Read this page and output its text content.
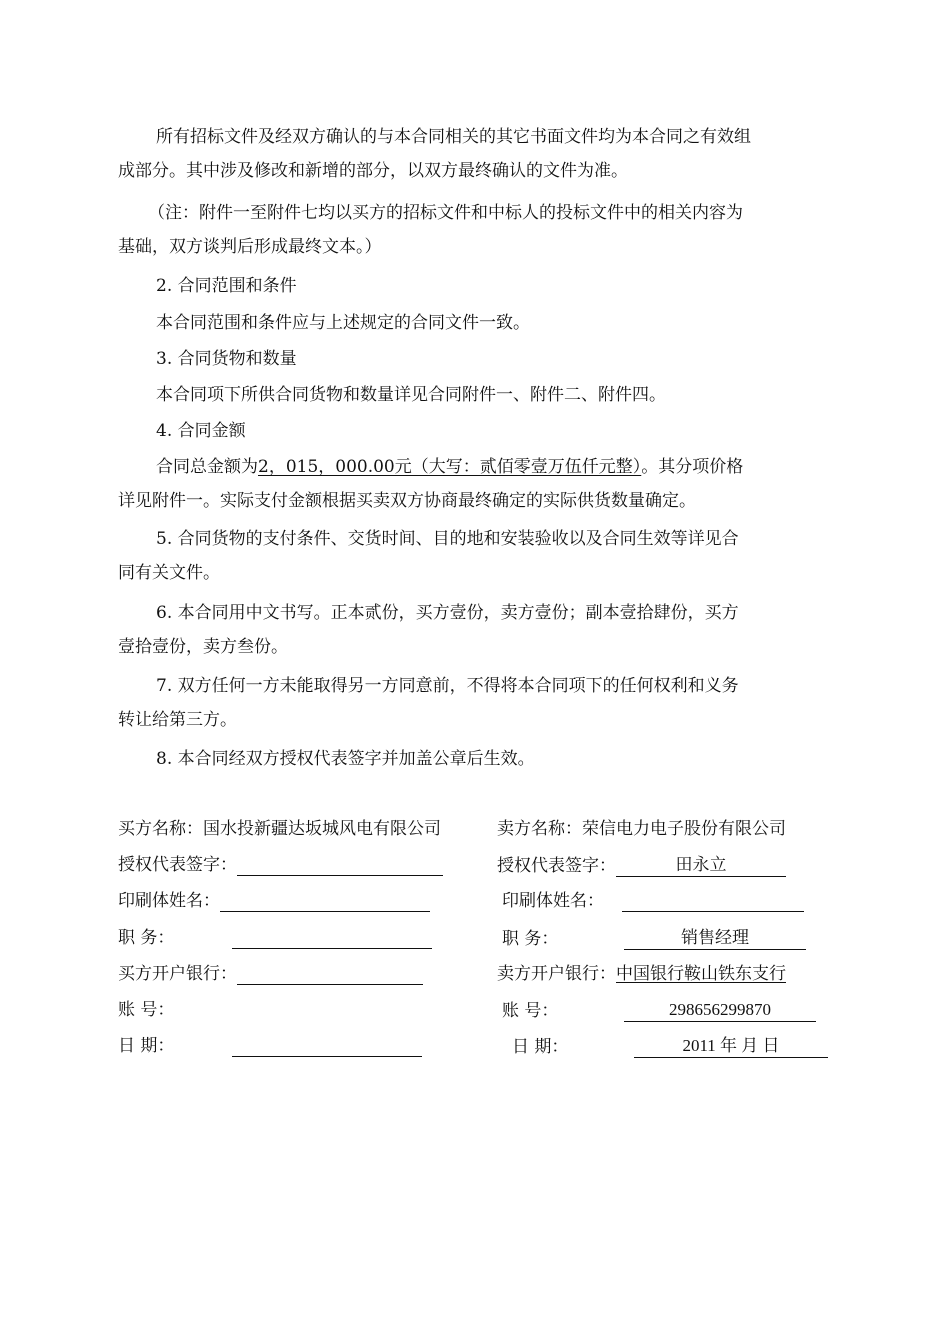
所有招标文件及经双方确认的与本合同相关的其它书面文件均为本合同之有效组
成部分。其中涉及修改和新增的部分，以双方最终确认的文件为准。
（注：附件一至附件七均以买方的招标文件和中标人的投标文件中的相关内容为
基础，双方谈判后形成最终文本。）
2. 合同范围和条件
本合同范围和条件应与上述规定的合同文件一致。
3. 合同货物和数量
本合同项下所供合同货物和数量详见合同附件一、附件二、附件四。
4. 合同金额
合同总金额为2，015，000.00元（大写：贰佰零壹万伍仟元整）。其分项价格
详见附件一。实际支付金额根据买卖双方协商最终确定的实际供货数量确定。
5. 合同货物的支付条件、交货时间、目的地和安装验收以及合同生效等详见合
同有关文件。
6. 本合同用中文书写。正本贰份，买方壹份，卖方壹份；副本壹拾肆份，买方
壹拾壹份，卖方叁份。
7. 双方任何一方未能取得另一方同意前，不得将本合同项下的任何权利和义务
转让给第三方。
8. 本合同经双方授权代表签字并加盖公章后生效。
买方名称：国水投新疆达坂城风电有限公司
授权代表签字：
印刷体姓名：
职 务：
买方开户银行：
账 号：
日 期：
卖方名称：荣信电力电子股份有限公司
授权代表签字：	田永立
印刷体姓名：
职 务：	销售经理
卖方开户银行：中国银行鞍山铁东支行
账 号：	298656299870
日 期：	2011 年 月 日
